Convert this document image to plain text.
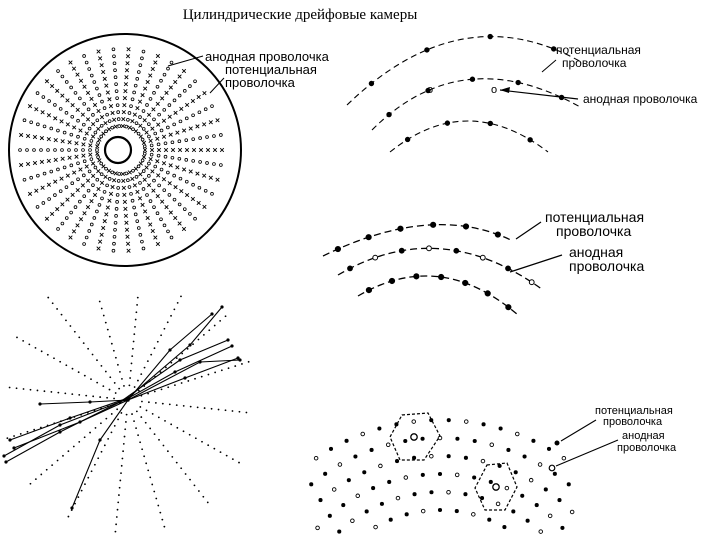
Цилиндрические дрейфовые камеры
анодная проволочка
потенциальная
проволочка	o	o
потенциальная
проволочка
анодная проволочка
потенциальная
проволочка
анодная
проволочка
потенциальная
проволочка
анодная
проволочка
